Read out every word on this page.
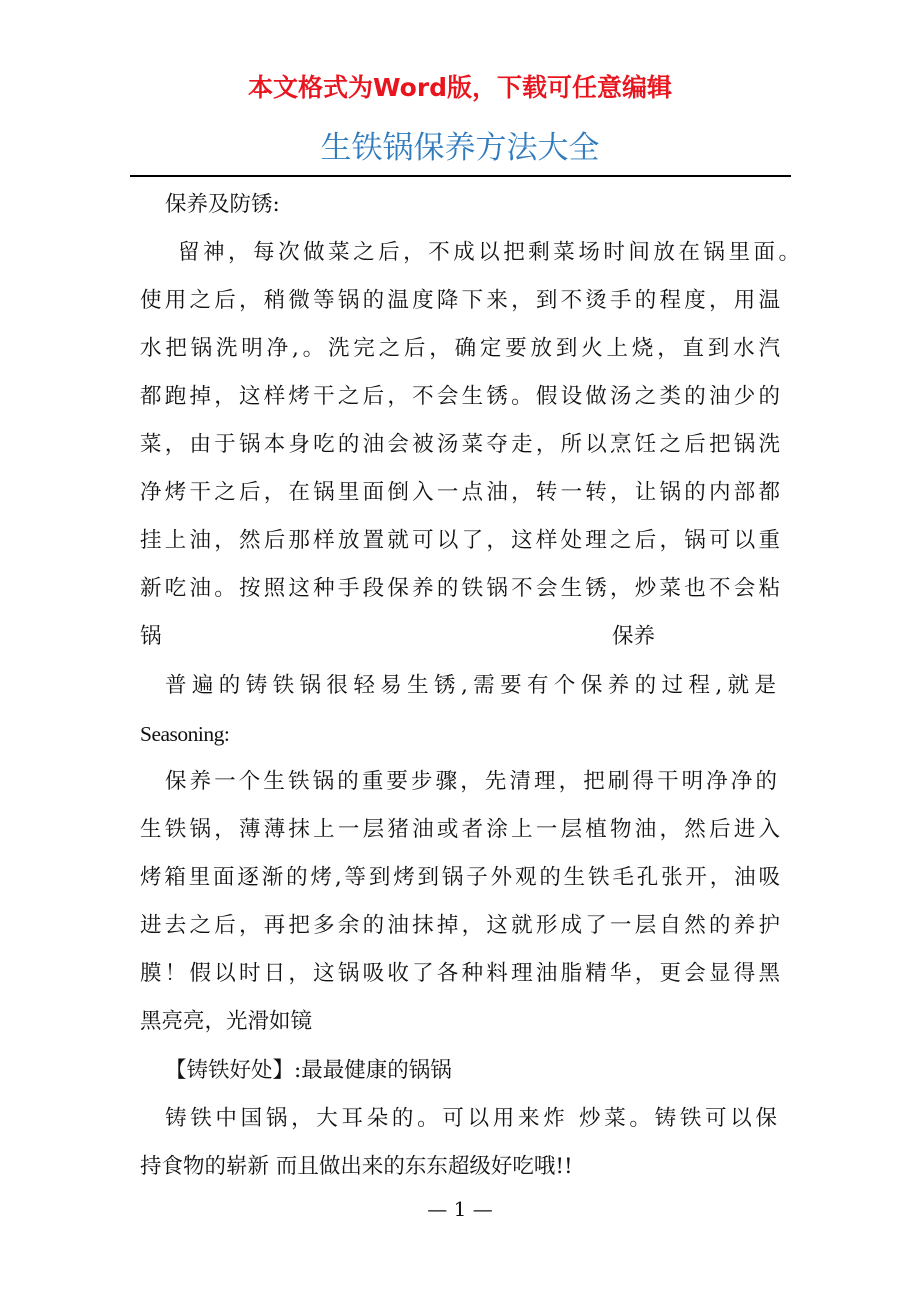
本文格式为Word版，下载可任意编辑
生铁锅保养方法大全
保养及防锈:
留神，每次做菜之后，不成以把剩菜场时间放在锅里面。
使用之后，稍微等锅的温度降下来，到不烫手的程度，用温
水把锅洗明净,。洗完之后，确定要放到火上烧，直到水汽
都跑掉，这样烤干之后，不会生锈。假设做汤之类的油少的
菜，由于锅本身吃的油会被汤菜夺走，所以烹饪之后把锅洗
净烤干之后，在锅里面倒入一点油，转一转，让锅的内部都
挂上油，然后那样放置就可以了，这样处理之后，锅可以重
新吃油。按照这种手段保养的铁锅不会生锈，炒菜也不会粘
锅	保养
普遍的铸铁锅很轻易生锈,需要有个保养的过程,就是
Seasoning:
保养一个生铁锅的重要步骤，先清理，把刷得干明净净的
生铁锅，薄薄抹上一层猪油或者涂上一层植物油，然后进入
烤箱里面逐渐的烤,等到烤到锅子外观的生铁毛孔张开，油吸
进去之后，再把多余的油抹掉，这就形成了一层自然的养护
膜！假以时日，这锅吸收了各种料理油脂精华，更会显得黑
黑亮亮，光滑如镜
【铸铁好处】:最最健康的锅锅
铸铁中国锅，大耳朵的。可以用来炸 炒菜。铸铁可以保
持食物的崭新 而且做出来的东东超级好吃哦!!
— 1 —
